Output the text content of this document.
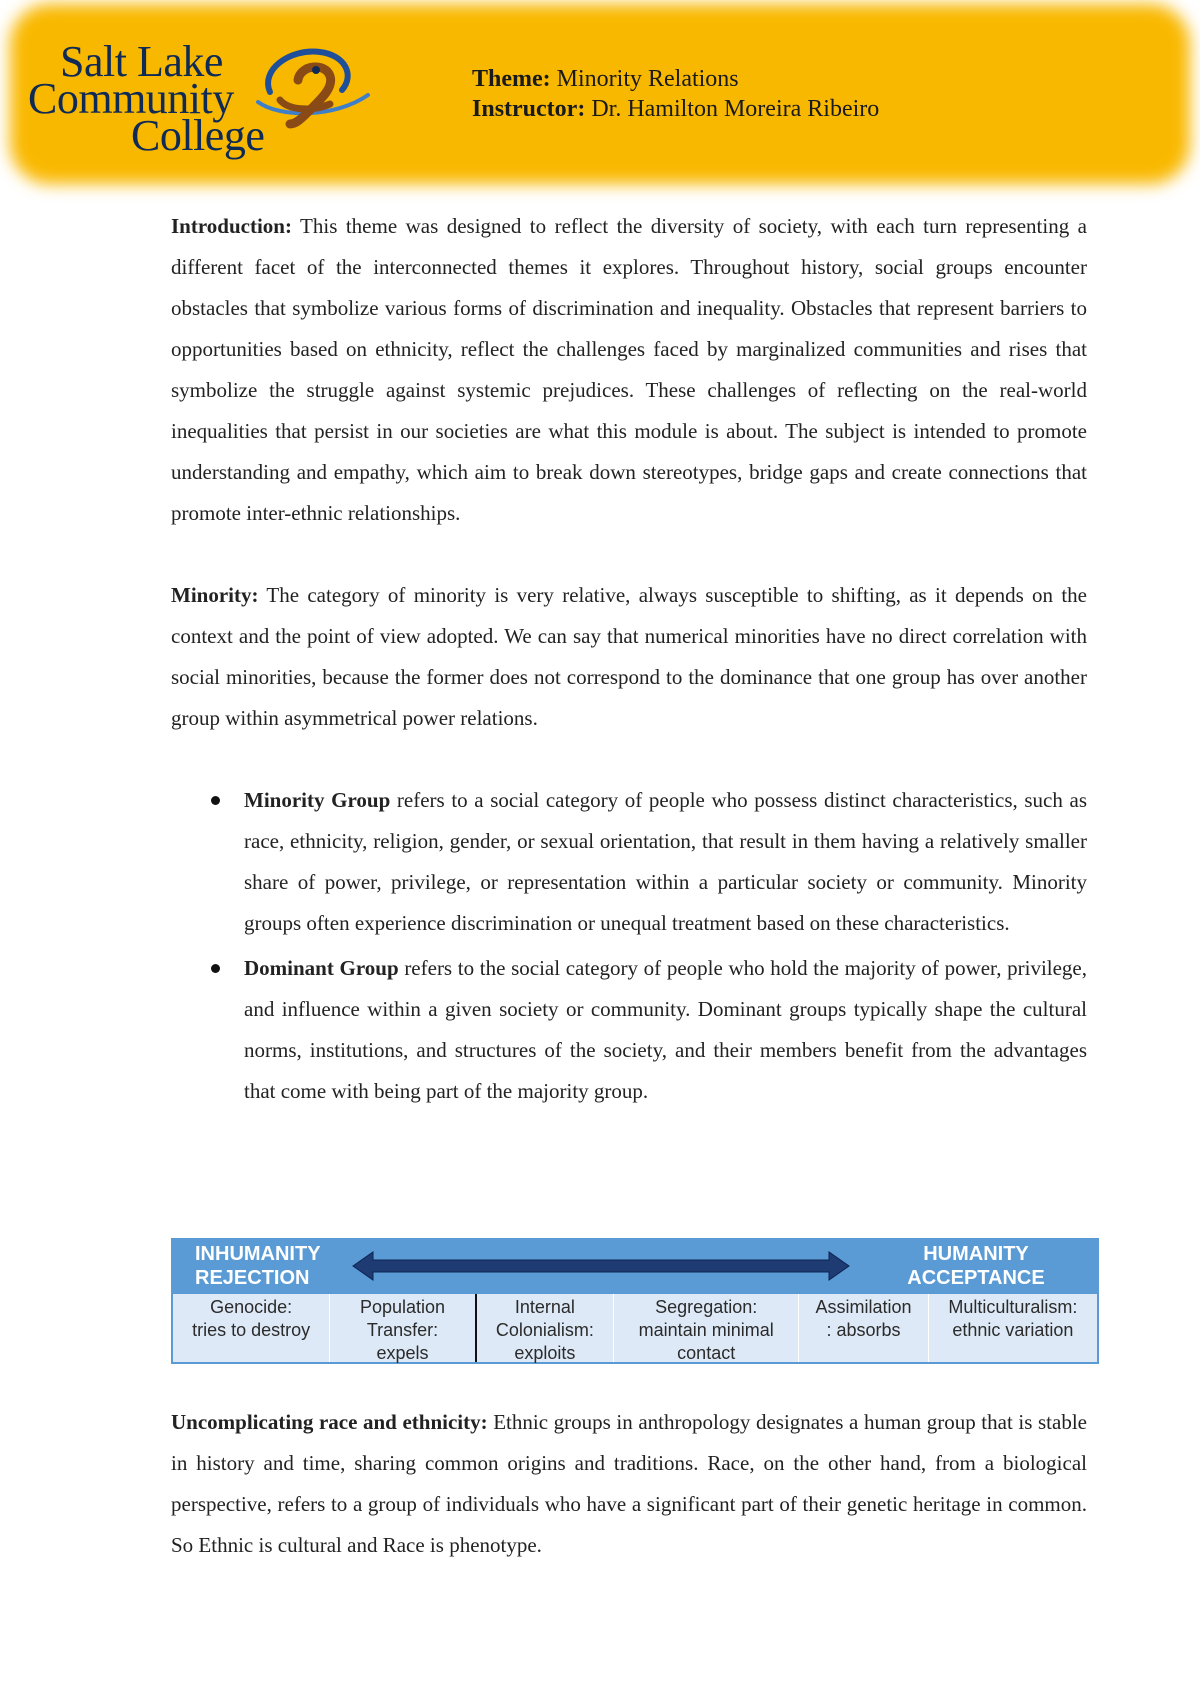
Salt Lake
Community
College
Theme: Minority Relations
Instructor: Dr. Hamilton Moreira Ribeiro

Introduction: This theme was designed to reflect the diversity of society, with each turn representing a different facet of the interconnected themes it explores. Throughout history, social groups encounter obstacles that symbolize various forms of discrimination and inequality. Obstacles that represent barriers to opportunities based on ethnicity, reflect the challenges faced by marginalized communities and rises that symbolize the struggle against systemic prejudices. These challenges of reflecting on the real-world inequalities that persist in our societies are what this module is about. The subject is intended to promote understanding and empathy, which aim to break down stereotypes, bridge gaps and create connections that promote inter-ethnic relationships.

Minority: The category of minority is very relative, always susceptible to shifting, as it depends on the context and the point of view adopted. We can say that numerical minorities have no direct correlation with social minorities, because the former does not correspond to the dominance that one group has over another group within asymmetrical power relations.

Minority Group refers to a social category of people who possess distinct characteristics, such as race, ethnicity, religion, gender, or sexual orientation, that result in them having a relatively smaller share of power, privilege, or representation within a particular society or community. Minority groups often experience discrimination or unequal treatment based on these characteristics.
Dominant Group refers to the social category of people who hold the majority of power, privilege, and influence within a given society or community. Dominant groups typically shape the cultural norms, institutions, and structures of the society, and their members benefit from the advantages that come with being part of the majority group.
INHUMANITY
REJECTION
HUMANITY
ACCEPTANCE
Genocide:
tries to destroy
Population
Transfer:
expels
Internal
Colonialism:
exploits
Segregation:
maintain minimal
contact
Assimilation
: absorbs
Multiculturalism:
ethnic variation

Uncomplicating race and ethnicity: Ethnic groups in anthropology designates a human group that is stable in history and time, sharing common origins and traditions. Race, on the other hand, from a biological perspective, refers to a group of individuals who have a significant part of their genetic heritage in common. So Ethnic is cultural and Race is phenotype.
